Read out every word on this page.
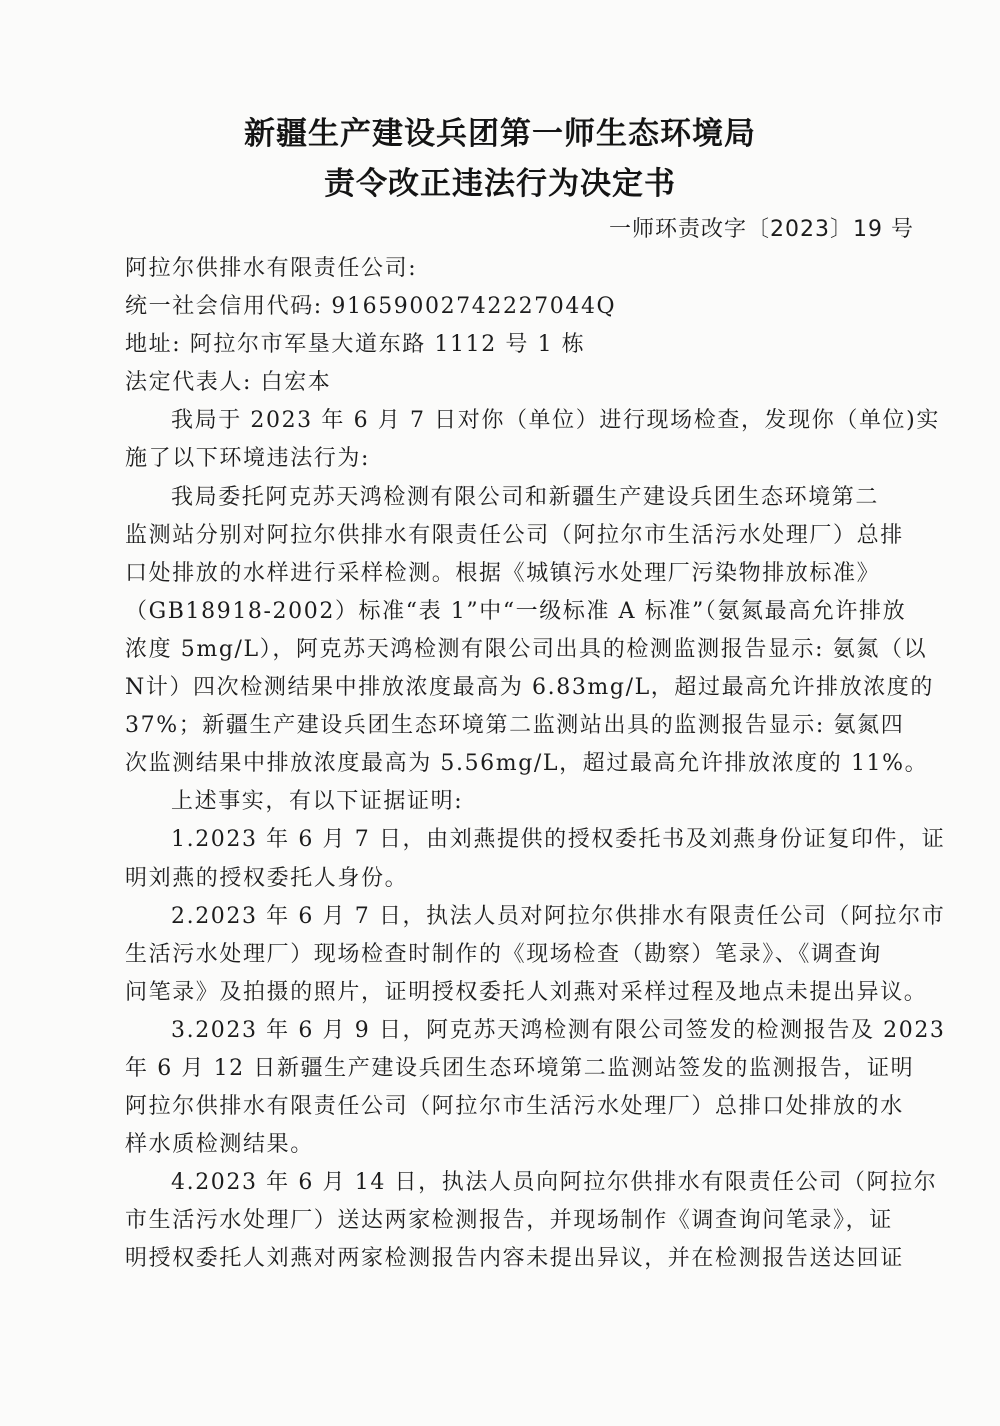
新疆生产建设兵团第一师生态环境局
责令改正违法行为决定书
一师环责改字〔2023〕19 号
阿拉尔供排水有限责任公司:
统一社会信用代码: 91659002742227044Q
地址: 阿拉尔市军垦大道东路 1112 号 1 栋
法定代表人: 白宏本
我局于 2023 年 6 月 7 日对你（单位）进行现场检查，发现你（单位)实
施了以下环境违法行为:
我局委托阿克苏天鸿检测有限公司和新疆生产建设兵团生态环境第二
监测站分别对阿拉尔供排水有限责任公司（阿拉尔市生活污水处理厂）总排
口处排放的水样进行采样检测。根据《城镇污水处理厂污染物排放标准》
（GB18918-2002）标准“表 1”中“一级标准 A 标准”（氨氮最高允许排放
浓度 5mg/L），阿克苏天鸿检测有限公司出具的检测监测报告显示: 氨氮（以
N计）四次检测结果中排放浓度最高为 6.83mg/L，超过最高允许排放浓度的
37%；新疆生产建设兵团生态环境第二监测站出具的监测报告显示: 氨氮四
次监测结果中排放浓度最高为 5.56mg/L，超过最高允许排放浓度的 11%。
上述事实，有以下证据证明:
1.2023 年 6 月 7 日，由刘燕提供的授权委托书及刘燕身份证复印件，证
明刘燕的授权委托人身份。
2.2023 年 6 月 7 日，执法人员对阿拉尔供排水有限责任公司（阿拉尔市
生活污水处理厂）现场检查时制作的《现场检查（勘察）笔录》、《调查询
问笔录》及拍摄的照片，证明授权委托人刘燕对采样过程及地点未提出异议。
3.2023 年 6 月 9 日，阿克苏天鸿检测有限公司签发的检测报告及 2023
年 6 月 12 日新疆生产建设兵团生态环境第二监测站签发的监测报告，证明
阿拉尔供排水有限责任公司（阿拉尔市生活污水处理厂）总排口处排放的水
样水质检测结果。
4.2023 年 6 月 14 日，执法人员向阿拉尔供排水有限责任公司（阿拉尔
市生活污水处理厂）送达两家检测报告，并现场制作《调查询问笔录》，证
明授权委托人刘燕对两家检测报告内容未提出异议，并在检测报告送达回证
